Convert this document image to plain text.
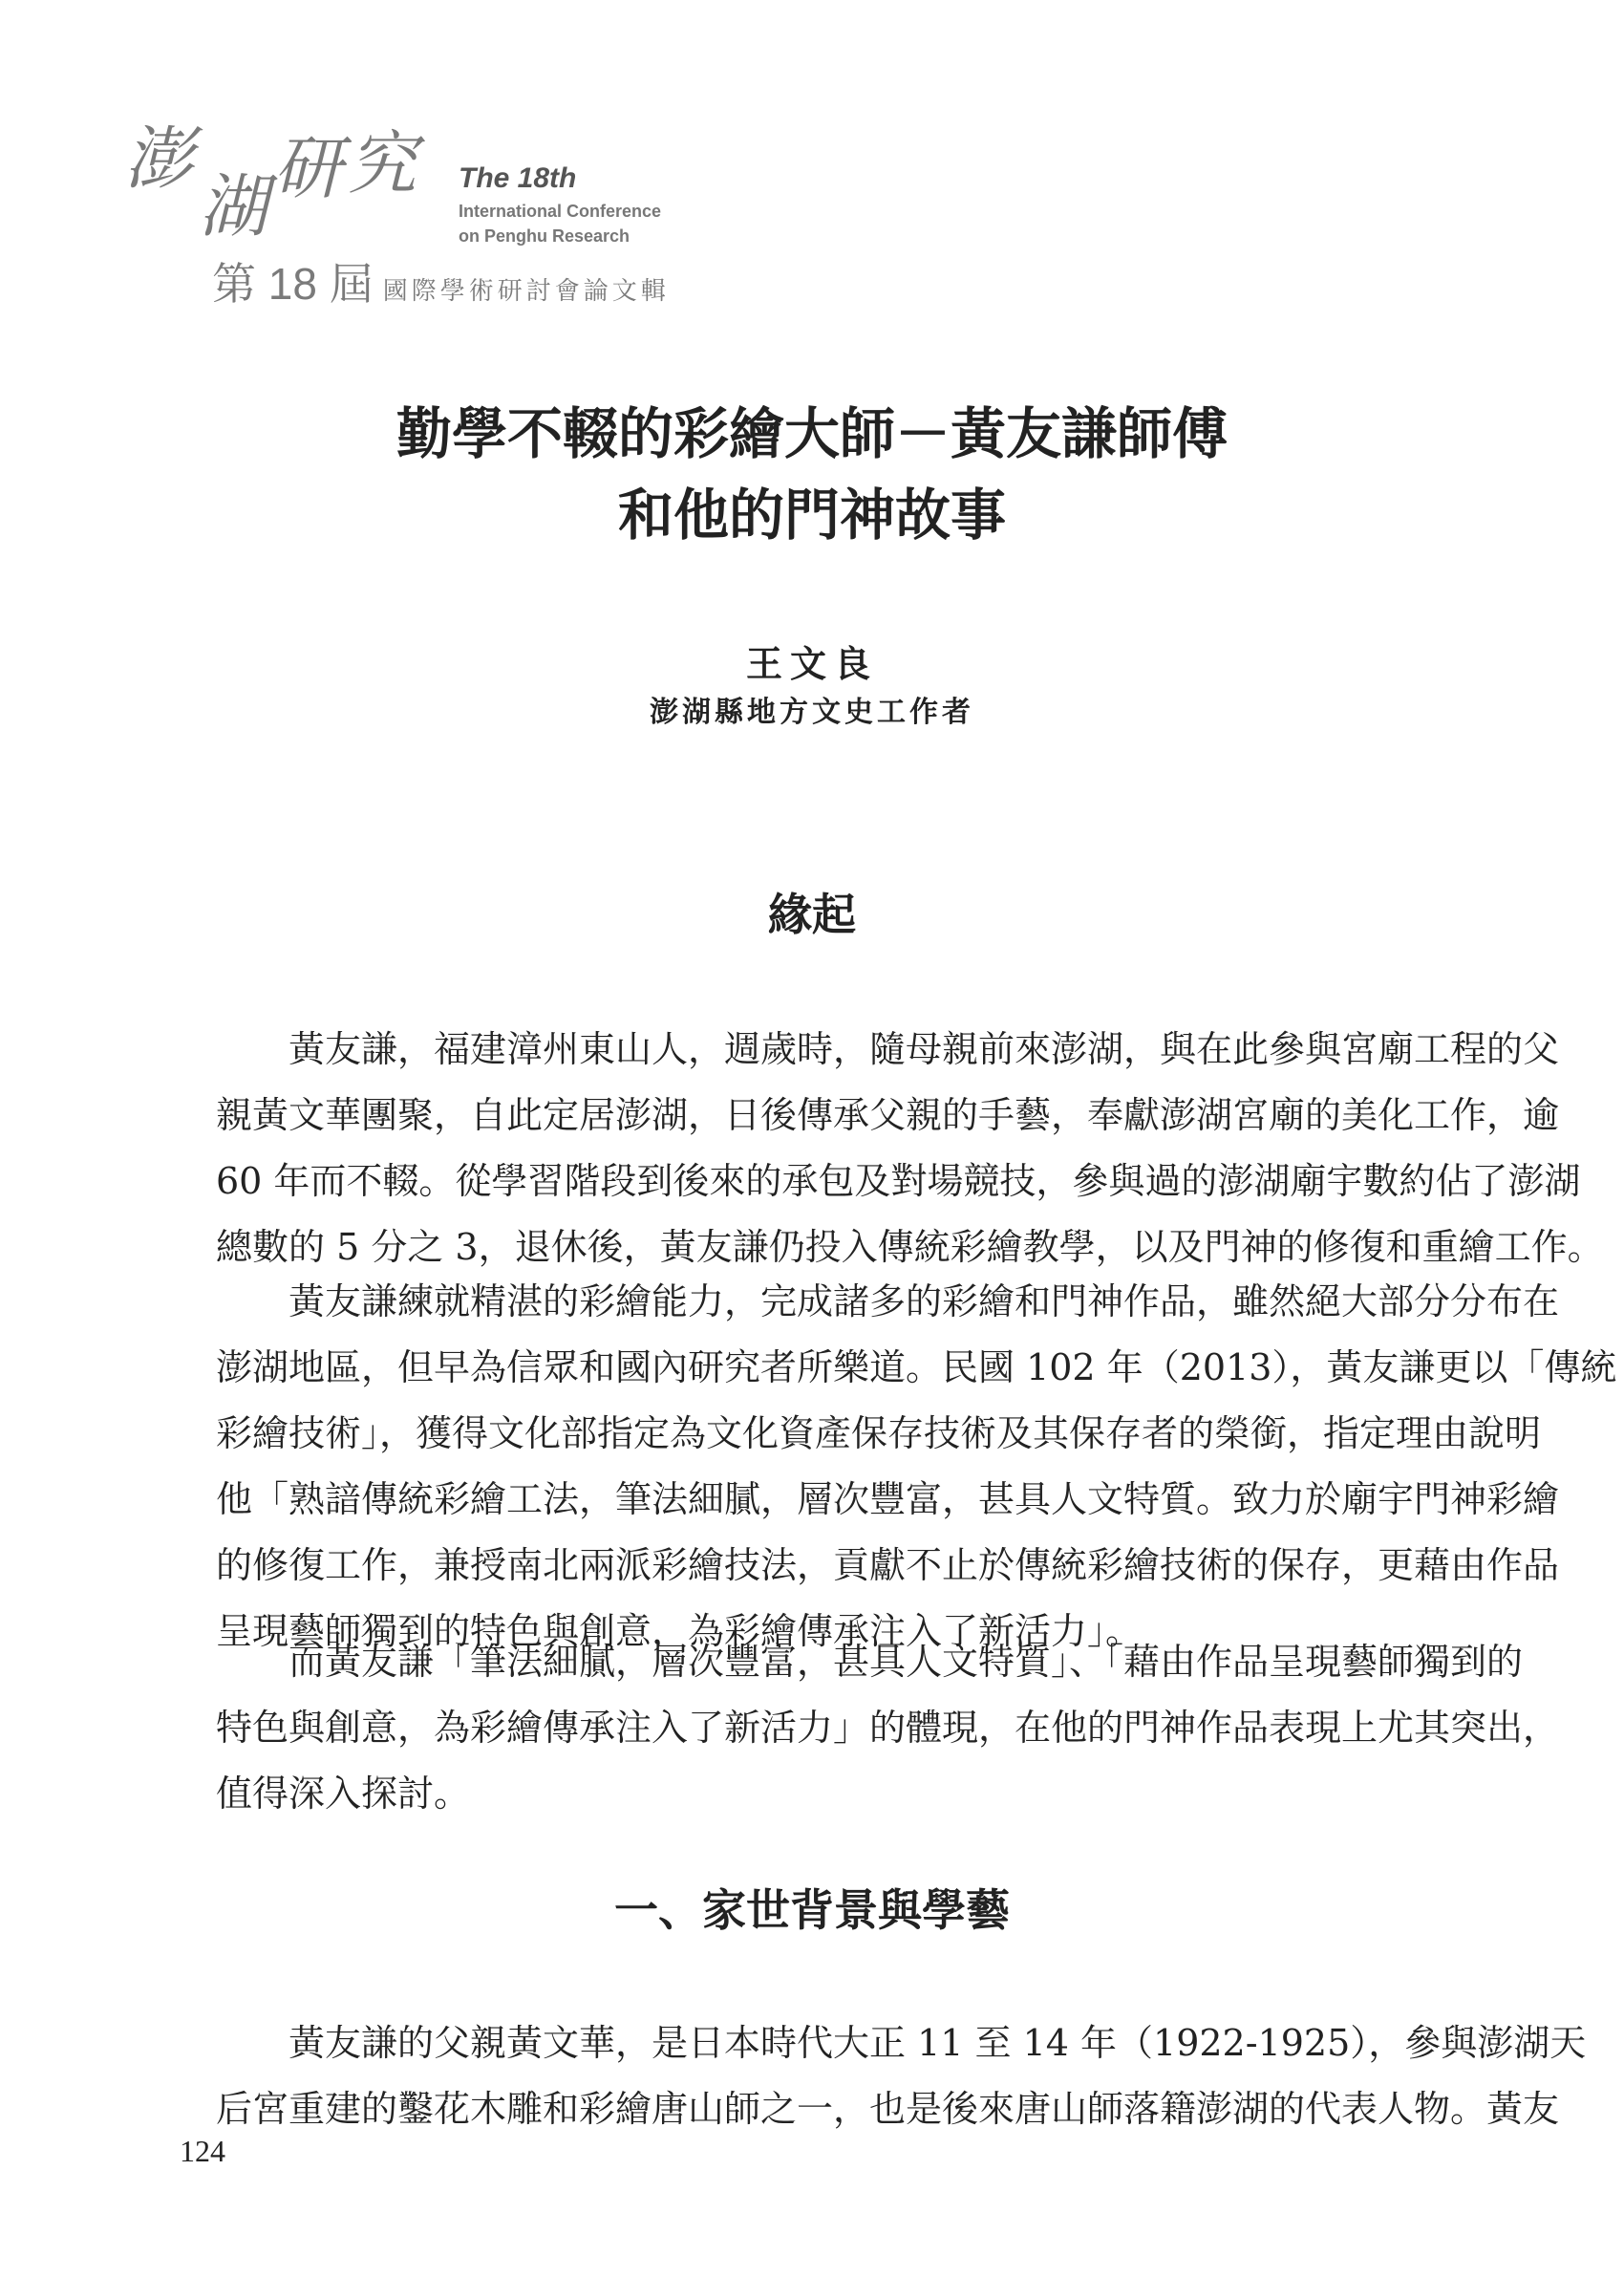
澎
湖 研 究 The 18th
International Conference
on Penghu Research
第 18 屆 國際學術研討會論文輯
勤學不輟的彩繪大師－黃友謙師傅
和他的門神故事
王文良
澎湖縣地方文史工作者
緣起
黃友謙，福建漳州東山人，週歲時，隨母親前來澎湖，與在此參與宮廟工程的父
親黃文華團聚，自此定居澎湖，日後傳承父親的手藝，奉獻澎湖宮廟的美化工作，逾
60 年而不輟。從學習階段到後來的承包及對場競技，參與過的澎湖廟宇數約佔了澎湖
總數的 5 分之 3，退休後，黃友謙仍投入傳統彩繪教學，以及門神的修復和重繪工作。
黃友謙練就精湛的彩繪能力，完成諸多的彩繪和門神作品，雖然絕大部分分布在
澎湖地區，但早為信眾和國內研究者所樂道。民國 102 年（2013），黃友謙更以「傳統
彩繪技術」，獲得文化部指定為文化資產保存技術及其保存者的榮銜，指定理由說明
他「熟諳傳統彩繪工法，筆法細膩，層次豐富，甚具人文特質。致力於廟宇門神彩繪
的修復工作，兼授南北兩派彩繪技法，貢獻不止於傳統彩繪技術的保存，更藉由作品
呈現藝師獨到的特色與創意，為彩繪傳承注入了新活力」。
而黃友謙「筆法細膩，層次豐富，甚具人文特質」、「藉由作品呈現藝師獨到的
特色與創意，為彩繪傳承注入了新活力」的體現，在他的門神作品表現上尤其突出，
值得深入探討。
一、家世背景與學藝
黃友謙的父親黃文華，是日本時代大正 11 至 14 年（1922-1925），參與澎湖天
后宮重建的鑿花木雕和彩繪唐山師之一，也是後來唐山師落籍澎湖的代表人物。黃友
124
